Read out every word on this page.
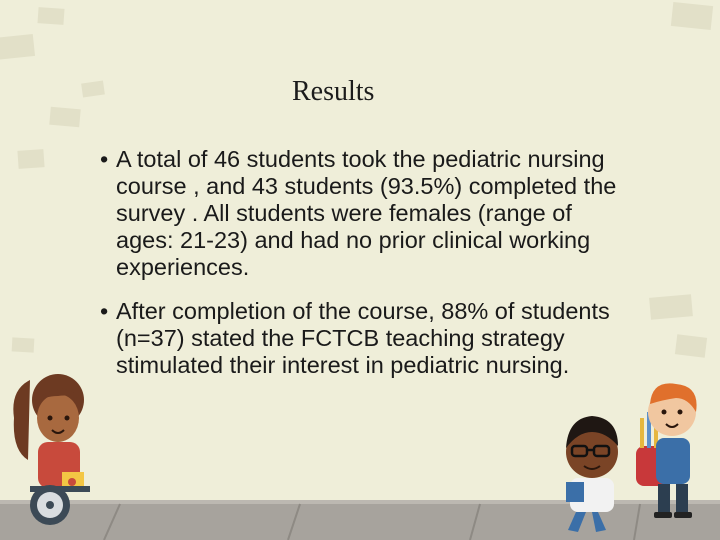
Results
• A total of 46 students took the pediatric nursing course , and 43 students (93.5%) completed the survey . All students were females (range of ages: 21-23) and had no prior clinical working experiences.
• After completion of the course, 88% of students (n=37) stated the FCTCB teaching strategy stimulated their interest in pediatric nursing.
